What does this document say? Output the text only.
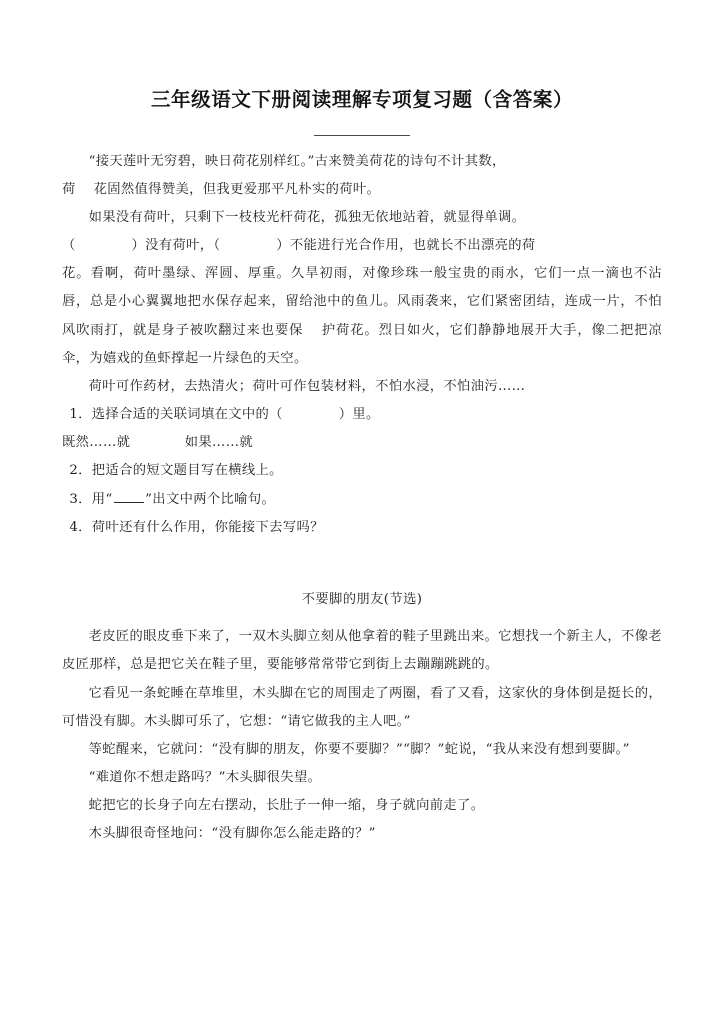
三年级语文下册阅读理解专项复习题（含答案）

“接天莲叶无穷碧，映日荷花别样红。”古来赞美荷花的诗句不计其数，

荷 花固然值得赞美，但我更爱那平凡朴实的荷叶。

如果没有荷叶，只剩下一枝枝光杆荷花，孤独无依地站着，就显得单调。

（	）没有荷叶，（	）不能进行光合作用，也就长不出漂亮的荷

花。看啊，荷叶墨绿、浑圆、厚重。久旱初雨，对像珍珠一般宝贵的雨水，它们一点一滴也不沾唇，总是小心翼翼地把水保存起来，留给池中的鱼儿。风雨袭来，它们紧密团结，连成一片，不怕风吹雨打，就是身子被吹翻过来也要保 护荷花。烈日如火，它们静静地展开大手，像二把把凉伞，为嬉戏的鱼虾撑起一片绿色的天空。

荷叶可作药材，去热清火；荷叶可作包装材料，不怕水浸，不怕油污……

1．选择合适的关联词填在文中的（	）里。

既然……就	如果……就

2．把适合的短文题目写在横线上。

3．用“ ”出文中两个比喻句。

4．荷叶还有什么作用，你能接下去写吗？

不要脚的朋友(节选)

老皮匠的眼皮垂下来了，一双木头脚立刻从他拿着的鞋子里跳出来。它想找一个新主人，不像老皮匠那样，总是把它关在鞋子里，要能够常常带它到街上去蹦蹦跳跳的。

它看见一条蛇睡在草堆里，木头脚在它的周围走了两圈，看了又看，这家伙的身体倒是挺长的，可惜没有脚。木头脚可乐了，它想：“请它做我的主人吧。”

等蛇醒来，它就问：“没有脚的朋友，你要不要脚？”“脚？”蛇说，“我从来没有想到要脚。”

“难道你不想走路吗？”木头脚很失望。

蛇把它的长身子向左右摆动，长肚子一伸一缩，身子就向前走了。

木头脚很奇怪地问：“没有脚你怎么能走路的？”
